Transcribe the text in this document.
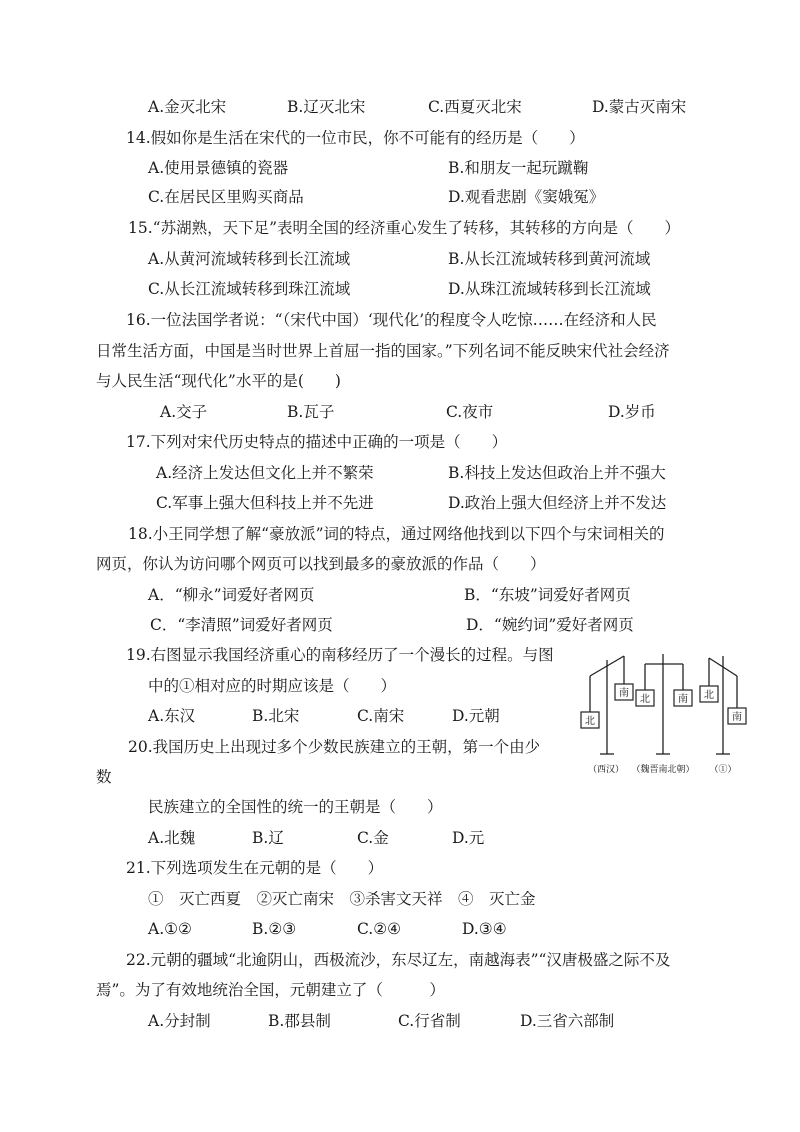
A.金灭北宋	B.辽灭北宋	C.西夏灭北宋	D.蒙古灭南宋
14.假如你是生活在宋代的一位市民，你不可能有的经历是（　　）
A.使用景德镇的瓷器	B.和朋友一起玩蹴鞠
C.在居民区里购买商品	D.观看悲剧《窦娥冤》
15.“苏湖熟，天下足”表明全国的经济重心发生了转移，其转移的方向是（　　）
A.从黄河流域转移到长江流域	B.从长江流域转移到黄河流域
C.从长江流域转移到珠江流域	D.从珠江流域转移到长江流域
16.一位法国学者说：“（宋代中国）‘现代化’的程度令人吃惊……在经济和人民
日常生活方面，中国是当时世界上首屈一指的国家。”下列名词不能反映宋代社会经济
与人民生活“现代化”水平的是(　　)
A.交子	B.瓦子	C.夜市	D.岁币
17.下列对宋代历史特点的描述中正确的一项是（　　）
A.经济上发达但文化上并不繁荣	B.科技上发达但政治上并不强大
C.军事上强大但科技上并不先进	D.政治上强大但经济上并不发达
18.小王同学想了解“豪放派”词的特点，通过网络他找到以下四个与宋词相关的
网页，你认为访问哪个网页可以找到最多的豪放派的作品（　　）
A．“柳永”词爱好者网页	B．“东坡”词爱好者网页
C．“李清照”词爱好者网页	D．“婉约词”爱好者网页
19.右图显示我国经济重心的南移经历了一个漫长的过程。与图
中的①相对应的时期应该是（　　）
A.东汉	B.北宋	C.南宋	D.元朝	北
南
北	南 北
南
（西汉） （魏晋南北朝） （①）
20.我国历史上出现过多个少数民族建立的王朝，第一个由少
数
民族建立的全国性的统一的王朝是（　　）
A.北魏	B.辽	C.金	D.元
21.下列选项发生在元朝的是（　　）
①　灭亡西夏　②灭亡南宋　③杀害文天祥　④　灭亡金
A.①②	B.②③	C.②④	D.③④
22.元朝的疆域“北逾阴山，西极流沙，东尽辽左，南越海表”“汉唐极盛之际不及
焉”。为了有效地统治全国，元朝建立了（　　　）
A.分封制	B.郡县制	C.行省制	D.三省六部制
